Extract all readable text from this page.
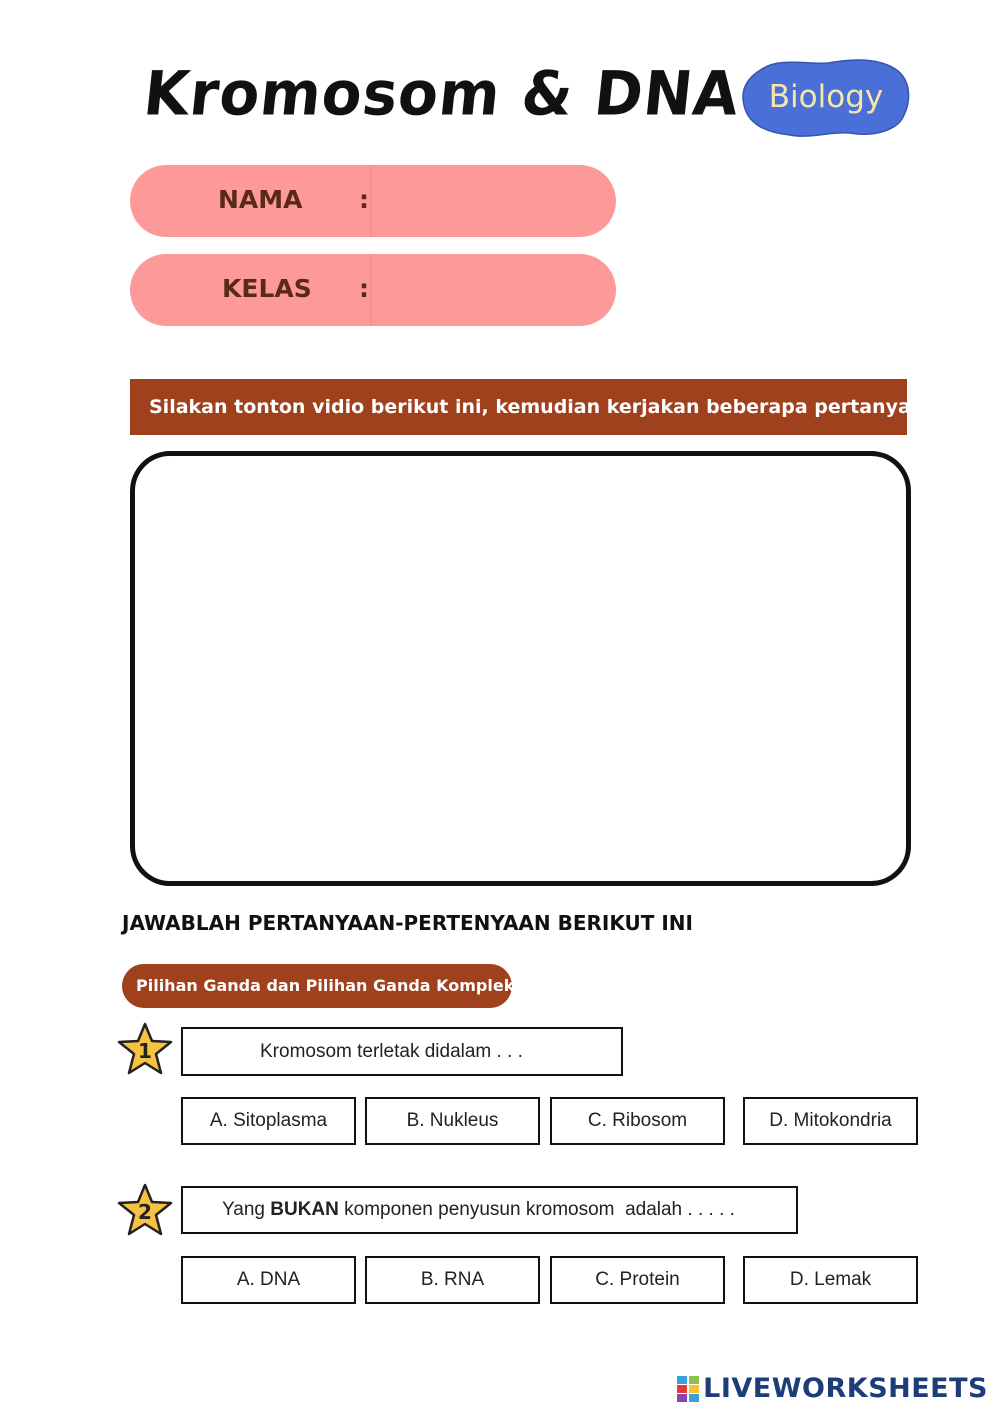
Kromosom & DNA Biology
NAMA :
KELAS :
Silakan tonton vidio berikut ini, kemudian kerjakan beberapa pertanyaan
JAWABLAH PERTANYAAN-PERTENYAAN BERIKUT INI
Pilihan Ganda dan Pilihan Ganda Komplek
1	Kromosom terletak didalam . . .
A. Sitoplasma	B. Nukleus	C. Ribosom	D. Mitokondria
2	Yang BUKAN komponen penyusun kromosom  adalah . . . . .
A. DNA	B. RNA	C. Protein	D. Lemak
LIVEWORKSHEETS
